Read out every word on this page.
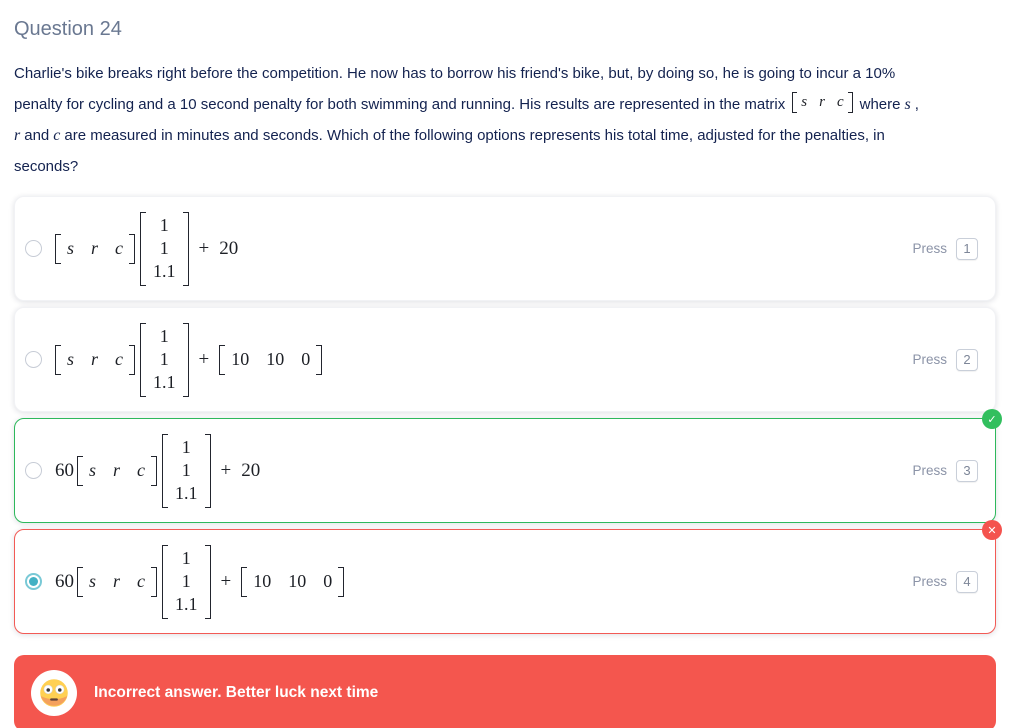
Question 24
Charlie's bike breaks right before the competition. He now has to borrow his friend's bike, but, by doing so, he is going to incur a 10%
penalty for cycling and a 10 second penalty for both swimming and running. His results are represented in the matrix s r c where s ,
r and c are measured in minutes and seconds. Which of the following options represents his total time, adjusted for the penalties, in
seconds?
s r c
1
1
1.1
+ 20	Press	1
s r c
1
1
1.1
+ 10 10 0	Press	2
60 s r c
1
1
1.1
+ 20	Press	3
✓
60 s r c
1
1
1.1
+ 10 10 0	Press	4
✕
Incorrect answer. Better luck next time
